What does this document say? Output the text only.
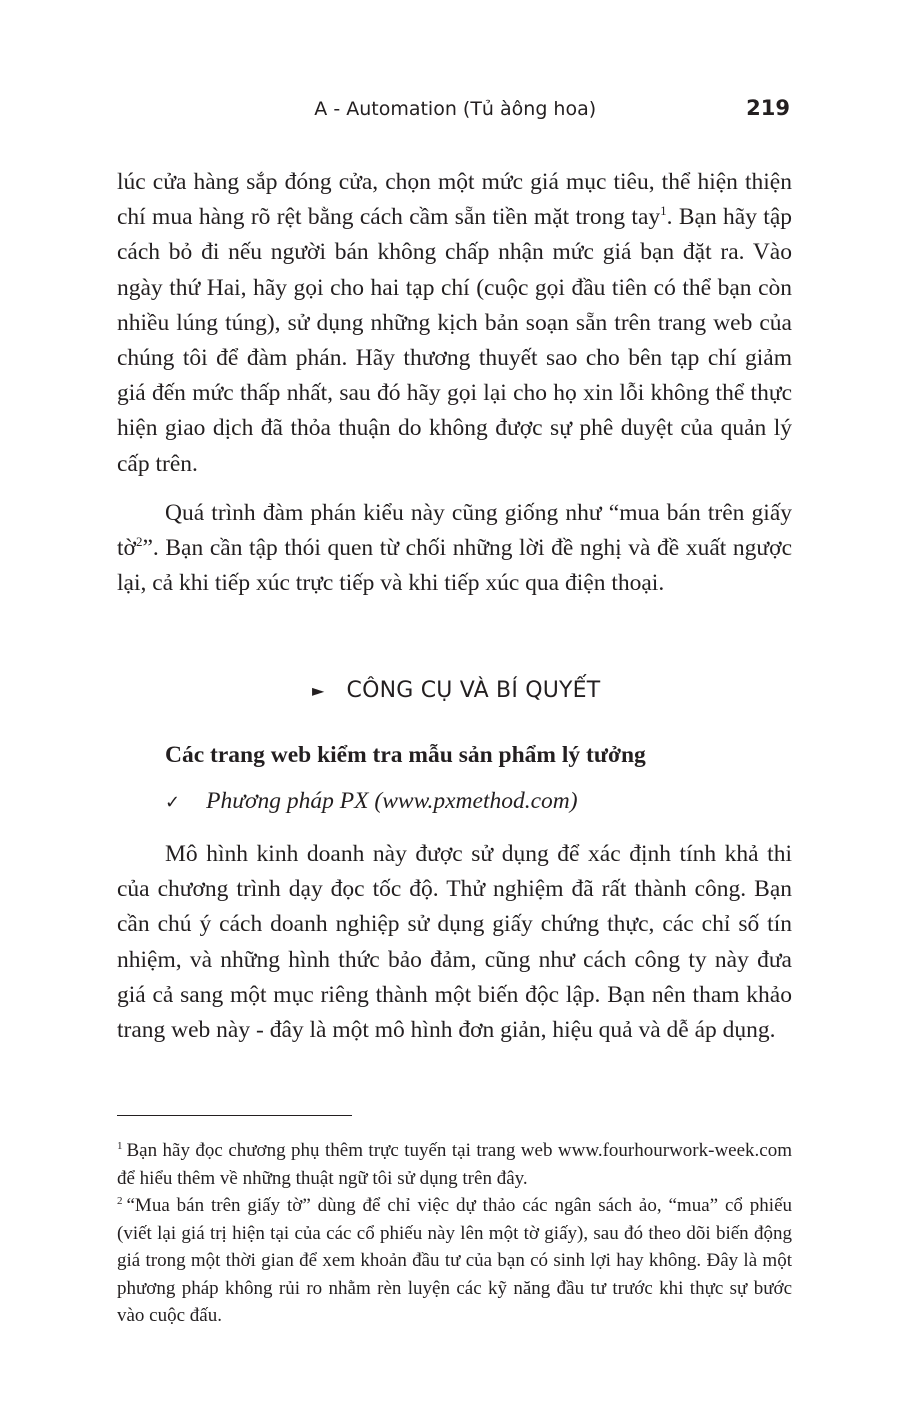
A - Automation (Tủ àông hoa)	219

lúc cửa hàng sắp đóng cửa, chọn một mức giá mục tiêu, thể hiện thiện chí mua hàng rõ rệt bằng cách cầm sẵn tiền mặt trong tay$^1$. Bạn hãy tập cách bỏ đi nếu người bán không chấp nhận mức giá bạn đặt ra. Vào ngày thứ Hai, hãy gọi cho hai tạp chí (cuộc gọi đầu tiên có thể bạn còn nhiều lúng túng), sử dụng những kịch bản soạn sẵn trên trang web của chúng tôi để đàm phán. Hãy thương thuyết sao cho bên tạp chí giảm giá đến mức thấp nhất, sau đó hãy gọi lại cho họ xin lỗi không thể thực hiện giao dịch đã thỏa thuận do không được sự phê duyệt của quản lý cấp trên.

Quá trình đàm phán kiểu này cũng giống như “mua bán trên giấy tờ$^2$”. Bạn cần tập thói quen từ chối những lời đề nghị và đề xuất ngược lại, cả khi tiếp xúc trực tiếp và khi tiếp xúc qua điện thoại.

► CÔNG CỤ VÀ BÍ QUYẾT
Các trang web kiểm tra mẫu sản phẩm lý tưởng
✓ Phương pháp PX (www.pxmethod.com)

Mô hình kinh doanh này được sử dụng để xác định tính khả thi của chương trình dạy đọc tốc độ. Thử nghiệm đã rất thành công. Bạn cần chú ý cách doanh nghiệp sử dụng giấy chứng thực, các chỉ số tín nhiệm, và những hình thức bảo đảm, cũng như cách công ty này đưa giá cả sang một mục riêng thành một biến độc lập. Bạn nên tham khảo trang web này - đây là một mô hình đơn giản, hiệu quả và dễ áp dụng.

$^1$ Bạn hãy đọc chương phụ thêm trực tuyến tại trang web www.fourhourwork-week.com để hiểu thêm về những thuật ngữ tôi sử dụng trên đây.

$^2$ “Mua bán trên giấy tờ” dùng để chỉ việc dự thảo các ngân sách ảo, “mua” cổ phiếu (viết lại giá trị hiện tại của các cổ phiếu này lên một tờ giấy), sau đó theo dõi biến động giá trong một thời gian để xem khoản đầu tư của bạn có sinh lợi hay không. Đây là một phương pháp không rủi ro nhằm rèn luyện các kỹ năng đầu tư trước khi thực sự bước vào cuộc đấu.
